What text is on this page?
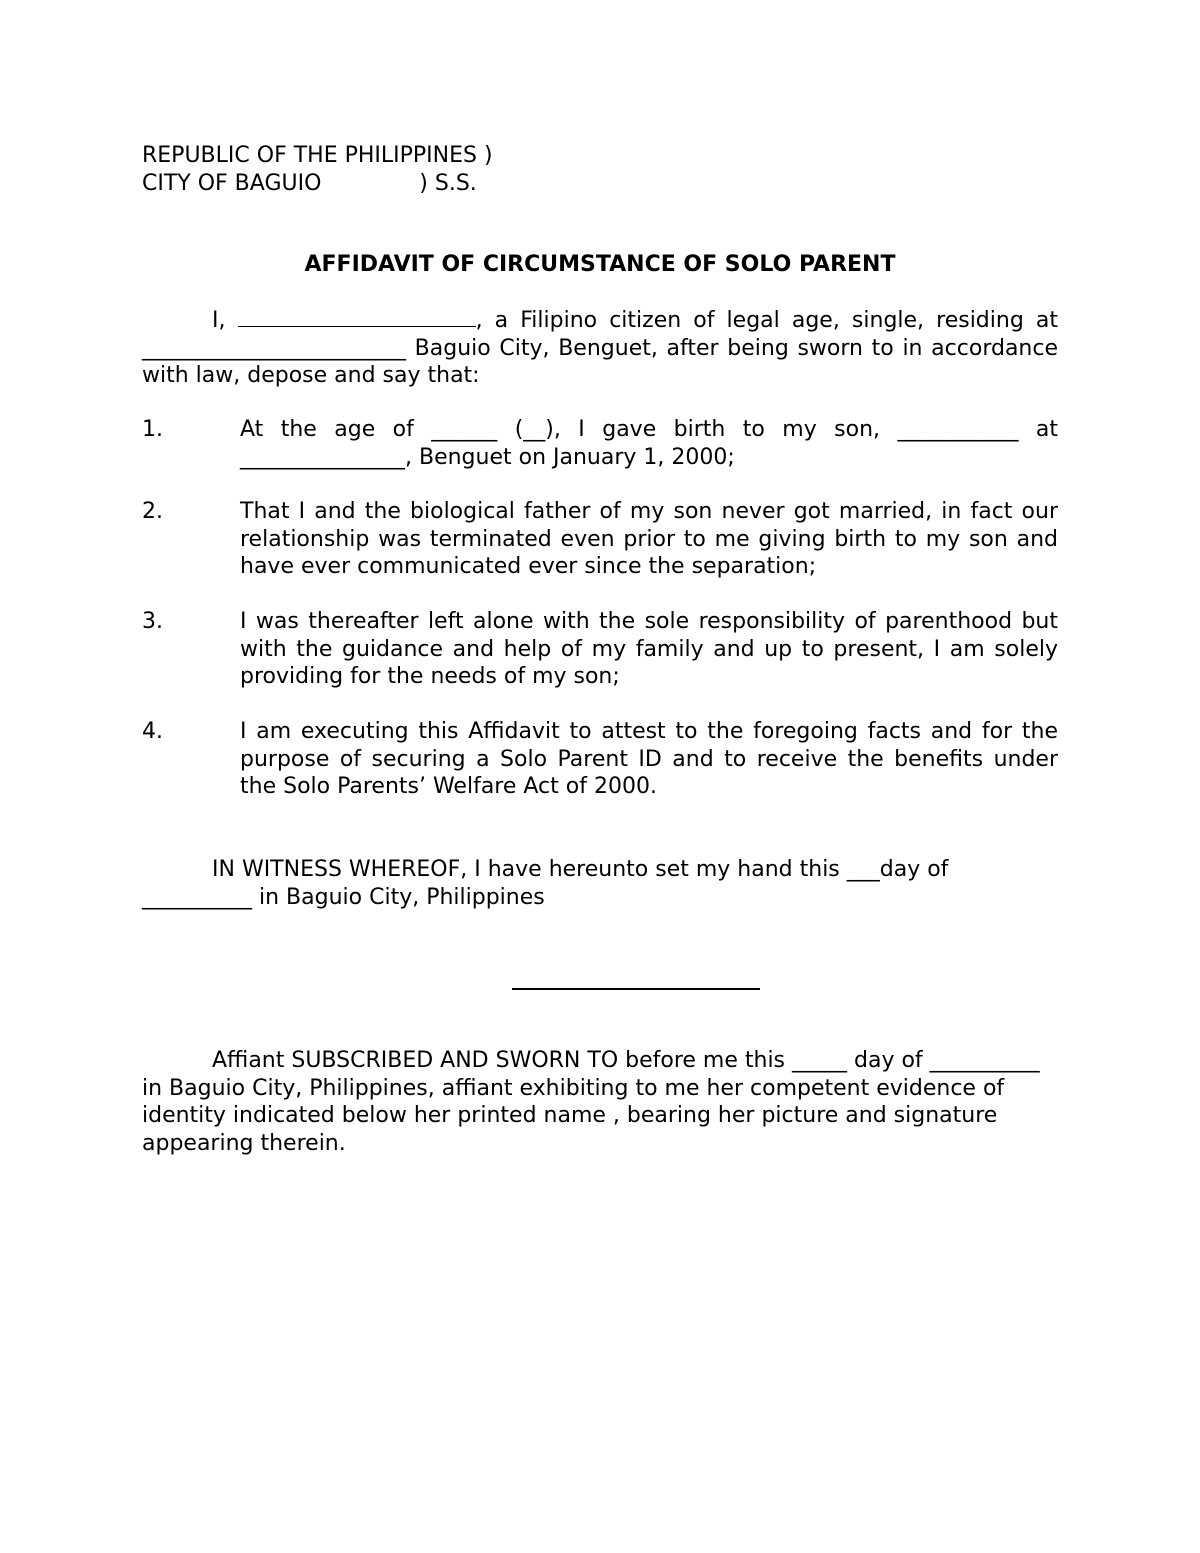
REPUBLIC OF THE PHILIPPINES )
CITY OF BAGUIO              ) S.S.
AFFIDAVIT OF CIRCUMSTANCE OF SOLO PARENT
I,	, a Filipino citizen of legal age, single, residing at ________________________ Baguio City, Benguet, after being sworn to in accordance with law, depose and say that:
1.	At the age of ______ (__), I gave birth to my son, ___________ at _______________, Benguet on January 1, 2000;
2.	That I and the biological father of my son never got married, in fact our relationship was terminated even prior to me giving birth to my son and have ever communicated ever since the separation;
3.	I was thereafter left alone with the sole responsibility of parenthood but with the guidance and help of my family and up to present, I am solely providing for the needs of my son;
4.	I am executing this Affidavit to attest to the foregoing facts and for the purpose of securing a Solo Parent ID and to receive the benefits under the Solo Parents’ Welfare Act of 2000.
IN WITNESS WHEREOF, I have hereunto set my hand this ___day of __________ in Baguio City, Philippines
Affiant SUBSCRIBED AND SWORN TO before me this _____ day of __________ in Baguio City, Philippines, affiant exhibiting to me her competent evidence of identity indicated below her printed name , bearing her picture and signature appearing therein.
